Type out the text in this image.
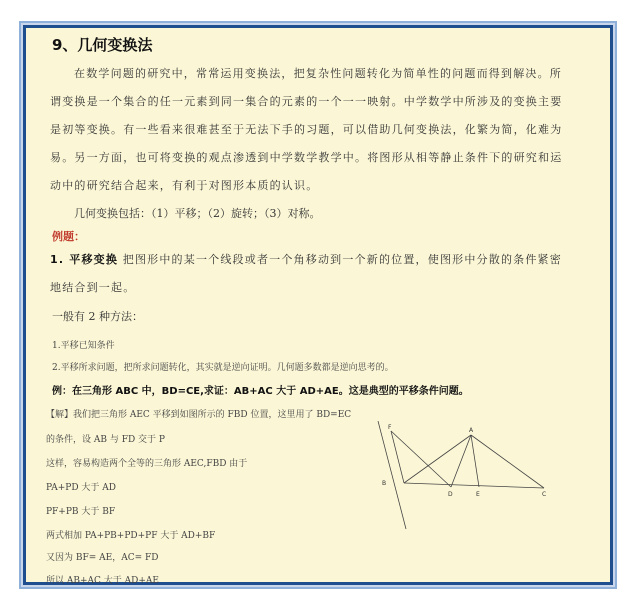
9、几何变换法
在数学问题的研究中，常常运用变换法，把复杂性问题转化为简单性的问题而得到解决。所谓变换是一个集合的任一元素到同一集合的元素的一个一一映射。中学数学中所涉及的变换主要是初等变换。有一些看来很难甚至于无法下手的习题，可以借助几何变换法，化繁为简，化难为易。另一方面，也可将变换的观点渗透到中学数学教学中。将图形从相等静止条件下的研究和运动中的研究结合起来，有利于对图形本质的认识。
几何变换包括：（1）平移；（2）旋转；（3）对称。
例题：
1. 平移变换 把图形中的某一个线段或者一个角移动到一个新的位置，使图形中分散的条件紧密地结合到一起。
一般有 2 种方法：
1.平移已知条件
2.平移所求问题，把所求问题转化，其实就是逆向证明。几何题多数都是逆向思考的。
例：在三角形 ABC 中，BD=CE,求证：AB+AC 大于 AD+AE。这是典型的平移条件问题。
【解】我们把三角形 AEC 平移到如图所示的 FBD 位置，这里用了 BD=EC
的条件，设 AB 与 FD 交于 P
这样，容易构造两个全等的三角形 AEC,FBD 由于
PA+PD 大于 AD
PF+PB 大于 BF
两式相加 PA+PB+PD+PF 大于 AD+BF
又因为 BF= AE，AC= FD
所以 AB+AC 大于 AD+AE
F	A
B
D	E	C
